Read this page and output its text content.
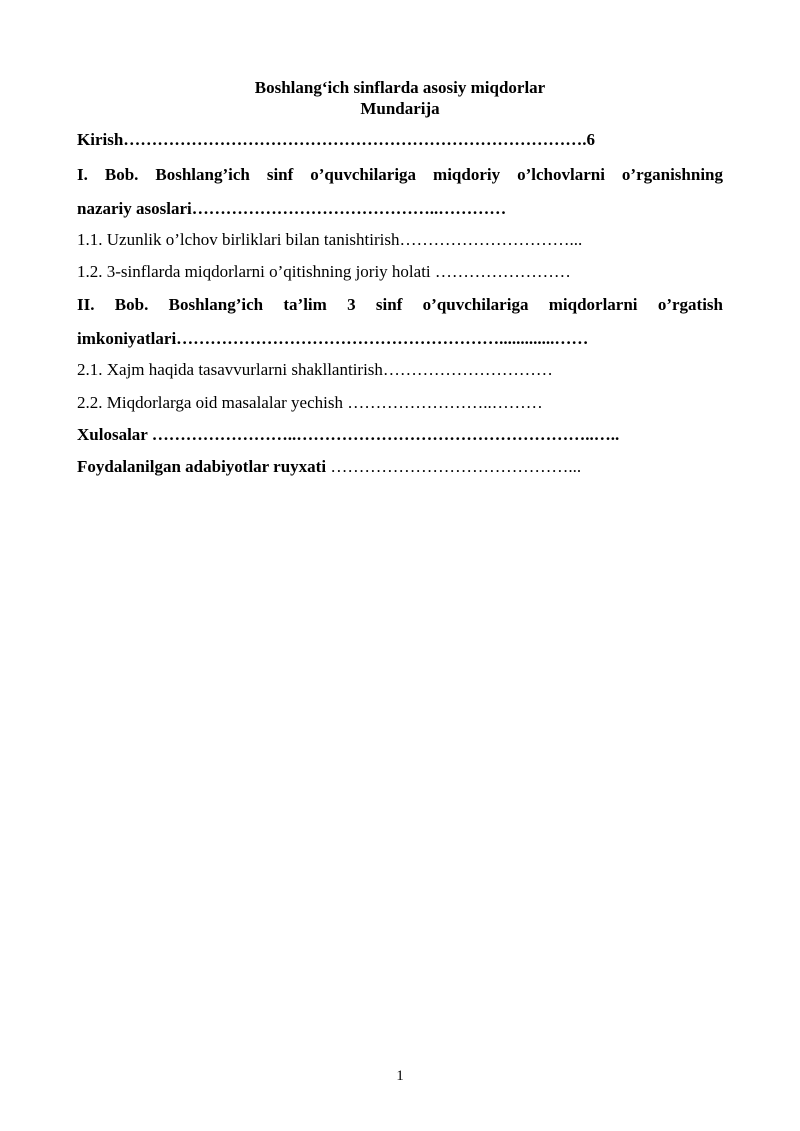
Boshlang‘ich sinflarda asosiy miqdorlar
Mundarija
Kirish……………………………………………………………………….6
I. Bob. Boshlang’ich sinf o’quvchilariga miqdoriy o’lchovlarni o’rganishning
nazariy asoslari……………………………………..…………
1.1. Uzunlik o’lchov birliklari bilan tanishtirish…………………………...
1.2. 3-sinflarda miqdorlarni o’qitishning joriy holati ……………………
II. Bob. Boshlang’ich ta’lim 3 sinf o’quvchilariga miqdorlarni o’rgatish
imkoniyatlari………………………………………………….............……
2.1. Xajm haqida tasavvurlarni shakllantirish…………………………
2.2. Miqdorlarga oid masalalar yechish ……………………..………
Xulosalar ……………………..……………………………………………..…..
Foydalanilgan adabiyotlar ruyxati ……………………………………...
1
